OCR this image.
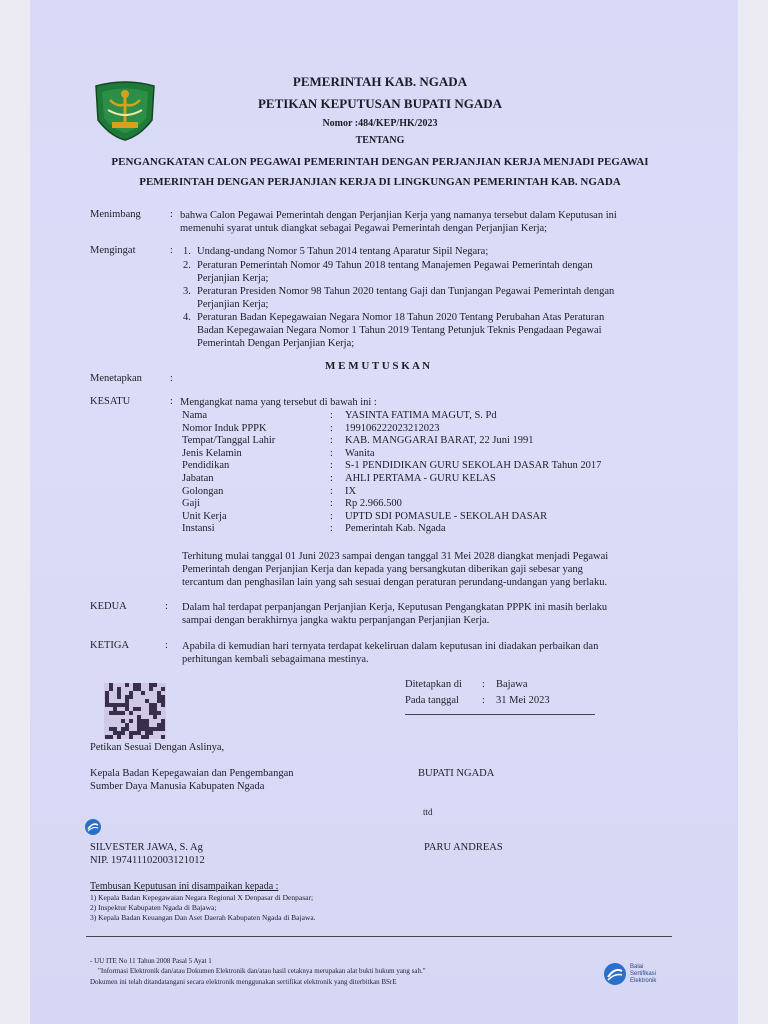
PEMERINTAH KAB. NGADA
PETIKAN KEPUTUSAN BUPATI NGADA
Nomor :484/KEP/HK/2023
TENTANG
PENGANGKATAN CALON PEGAWAI PEMERINTAH DENGAN PERJANJIAN KERJA MENJADI PEGAWAI
PEMERINTAH DENGAN PERJANJIAN KERJA DI LINGKUNGAN PEMERINTAH KAB. NGADA
Menimbang	: bahwa Calon Pegawai Pemerintah dengan Perjanjian Kerja yang namanya tersebut dalam Keputusan ini
memenuhi syarat untuk diangkat sebagai Pegawai Pemerintah dengan Perjanjian Kerja;
Mengingat	: 1. Undang-undang Nomor 5 Tahun 2014 tentang Aparatur Sipil Negara;
2. Peraturan Pemerintah Nomor 49 Tahun 2018 tentang Manajemen Pegawai Pemerintah dengan
Perjanjian Kerja;
3. Peraturan Presiden Nomor 98 Tahun 2020 tentang Gaji dan Tunjangan Pegawai Pemerintah dengan
Perjanjian Kerja;
4. Peraturan Badan Kepegawaian Negara Nomor 18 Tahun 2020 Tentang Perubahan Atas Peraturan
Badan Kepegawaian Negara Nomor 1 Tahun 2019 Tentang Petunjuk Teknis Pengadaan Pegawai
Pemerintah Dengan Perjanjian Kerja;
M E M U T U S K A N
Menetapkan	:
KESATU	: Mengangkat nama yang tersebut di bawah ini :
Nama	: YASINTA FATIMA MAGUT, S. Pd
Nomor Induk PPPK	: 199106222023212023
Tempat/Tanggal Lahir	: KAB. MANGGARAI BARAT, 22 Juni 1991
Jenis Kelamin	: Wanita
Pendidikan	: S-1 PENDIDIKAN GURU SEKOLAH DASAR Tahun 2017
Jabatan	: AHLI PERTAMA - GURU KELAS
Golongan	: IX
Gaji	: Rp 2.966.500
Unit Kerja	: UPTD SDI POMASULE - SEKOLAH DASAR
Instansi	: Pemerintah Kab. Ngada
Terhitung mulai tanggal 01 Juni 2023 sampai dengan tanggal 31 Mei 2028 diangkat menjadi Pegawai
Pemerintah dengan Perjanjian Kerja dan kepada yang bersangkutan diberikan gaji sebesar yang
tercantum dan penghasilan lain yang sah sesuai dengan peraturan perundang-undangan yang berlaku.
KEDUA	: Dalam hal terdapat perpanjangan Perjanjian Kerja, Keputusan Pengangkatan PPPK ini masih berlaku
sampai dengan berakhirnya jangka waktu perpanjangan Perjanjian Kerja.
KETIGA	: Apabila di kemudian hari ternyata terdapat kekeliruan dalam keputusan ini diadakan perbaikan dan
perhitungan kembali sebagaimana mestinya.
Ditetapkan di : Bajawa
Pada tanggal : 31 Mei 2023
Petikan Sesuai Dengan Aslinya,
Kepala Badan Kepegawaian dan Pengembangan
Sumber Daya Manusia Kabupaten Ngada
BUPATI NGADA
ttd
SILVESTER JAWA, S. Ag
NIP. 197411102003121012
PARU ANDREAS
Tembusan Keputusan ini disampaikan kepada :
1) Kepala Badan Kepegawaian Negara Regional X Denpasar di Denpasar;
2) Inspektur Kabupaten Ngada di Bajawa;
3) Kepala Badan Keuangan Dan Aset Daerah Kabupaten Ngada di Bajawa.
- UU ITE No 11 Tahun 2008 Pasal 5 Ayat 1
"Informasi Elektronik dan/atau Dokumen Elektronik dan/atau hasil cetaknya merupakan alat bukti hukum yang sah."
Dokumen ini telah ditandatangani secara elektronik menggunakan sertifikat elektronik yang diterbitkan BSrE
Balai
Sertifikasi
Elektronik
